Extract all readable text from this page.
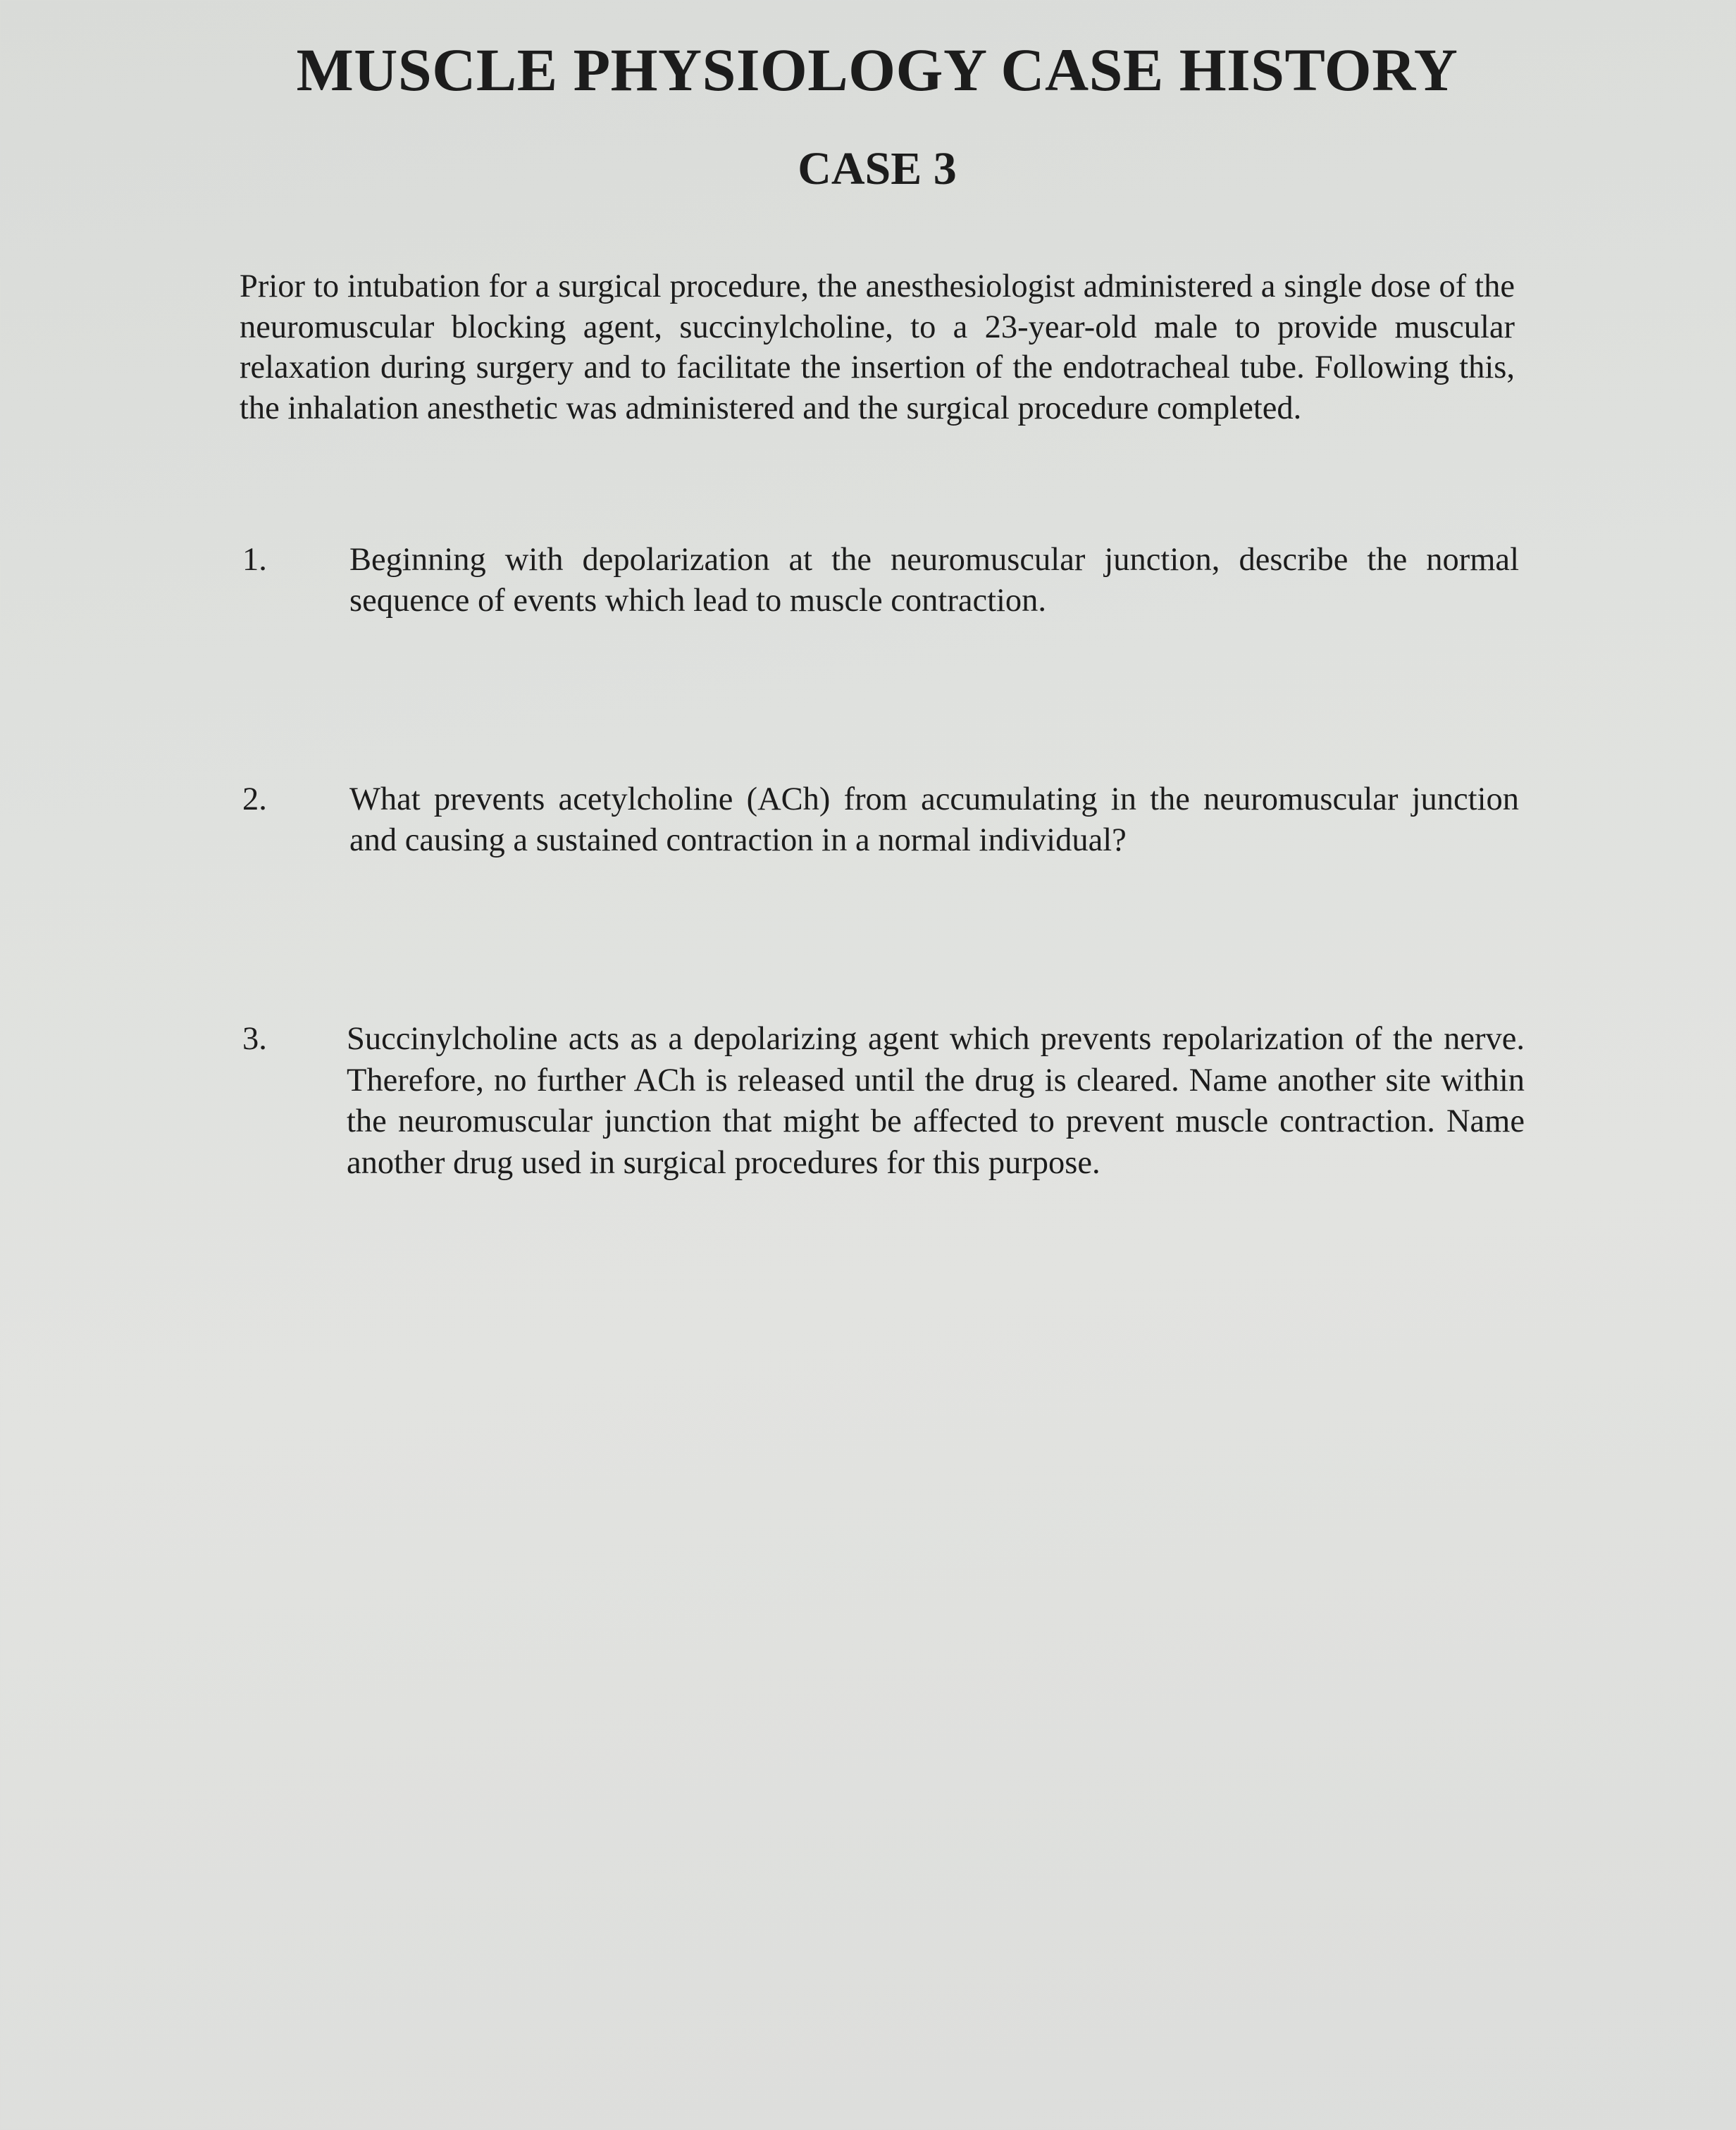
MUSCLE PHYSIOLOGY CASE HISTORY
CASE 3

Prior to intubation for a surgical procedure, the anesthesiologist administered a single dose of the neuromuscular blocking agent, succinylcholine, to a 23-year-old male to provide muscular relaxation during surgery and to facilitate the insertion of the endotracheal tube. Following this, the inhalation anesthetic was administered and the surgical procedure completed.

1.	Beginning with depolarization at the neuromuscular junction, describe the normal sequence of events which lead to muscle contraction.

2.	What prevents acetylcholine (ACh) from accumulating in the neuromuscular junction and causing a sustained contraction in a normal individual?

3. Succinylcholine acts as a depolarizing agent which prevents repolarization of the nerve. Therefore, no further ACh is released until the drug is cleared. Name another site within the neuromuscular junction that might be affected to prevent muscle contraction. Name another drug used in surgical procedures for this purpose.
